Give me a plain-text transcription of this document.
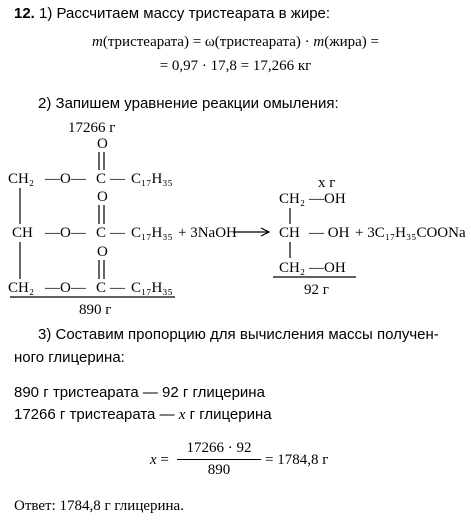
12. 1) Рассчитаем массу тристеарата в жире:
m(тристеарата) = ω(тристеарата) · m(жира) =
= 0,97 · 17,8 = 17,266 кг
2) Запишем уравнение реакции омыления:
17266 г
CH₂ —O— C — C₁₇H₃₅
O
CH —O— C — C₁₇H₃₅
O
+ 3NaOH
CH₂ —O— C — C₁₇H₃₅
O
890 г
x г
CH₂ —OH
CH — OH
CH₂ —OH
92 г
+ 3C₁₇H₃₅COONa
3) Составим пропорцию для вычисления массы получен-
ного глицерина:
890 г тристеарата — 92 г глицерина
17266 г тристеарата — x г глицерина
x =
17266 · 92
890
= 1784,8 г
Ответ: 1784,8 г глицерина.
